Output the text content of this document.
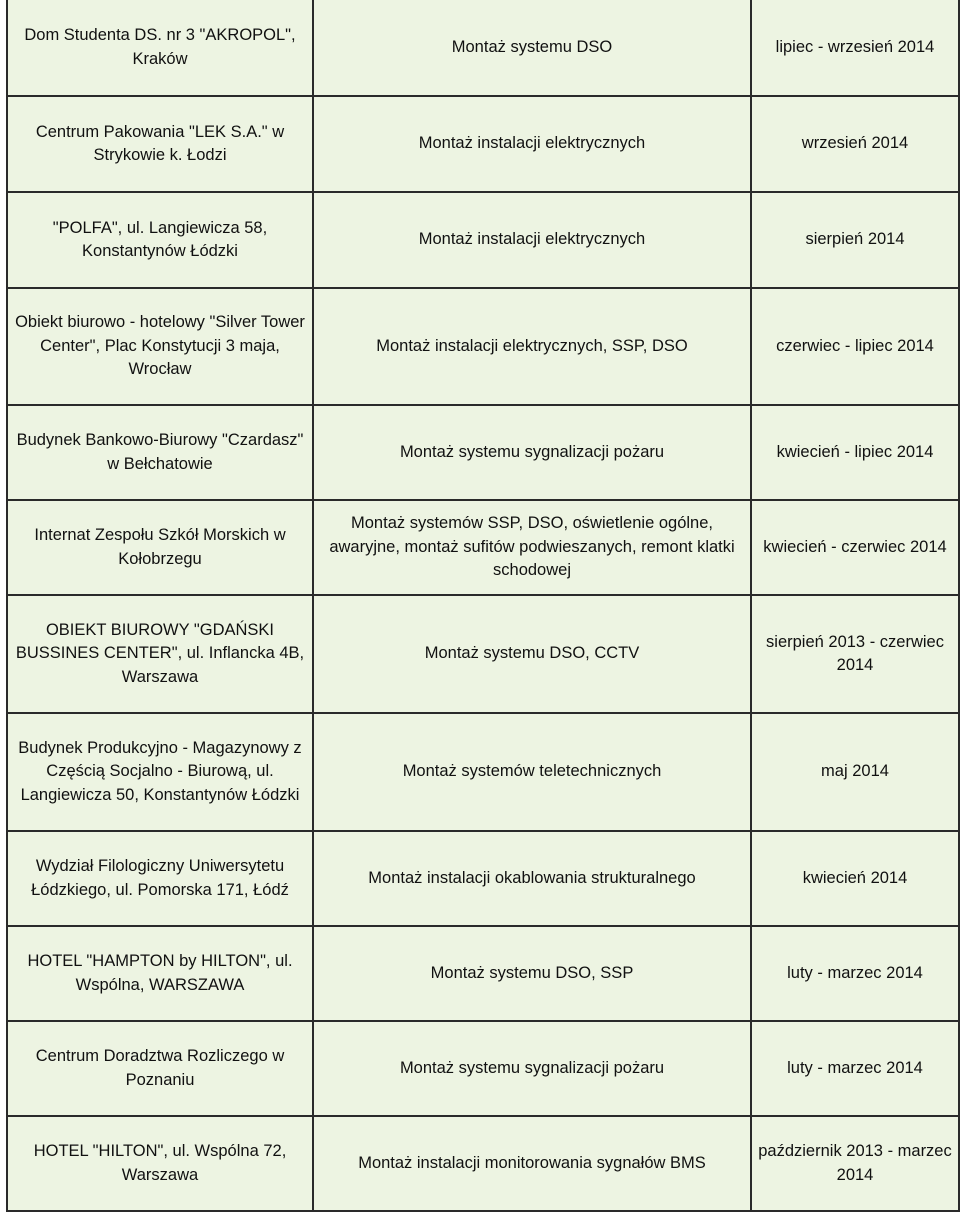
Dom Studenta DS. nr 3 "AKROPOL", Kraków	Montaż systemu DSO	lipiec - wrzesień 2014
Centrum Pakowania "LEK S.A." w Strykowie k. Łodzi	Montaż instalacji elektrycznych	wrzesień 2014
"POLFA", ul. Langiewicza 58, Konstantynów Łódzki	Montaż instalacji elektrycznych	sierpień 2014
Obiekt biurowo - hotelowy "Silver Tower Center", Plac Konstytucji 3 maja, Wrocław	Montaż instalacji elektrycznych, SSP, DSO	czerwiec - lipiec 2014
Budynek Bankowo-Biurowy "Czardasz" w Bełchatowie	Montaż systemu sygnalizacji pożaru	kwiecień - lipiec 2014
Internat Zespołu Szkół Morskich w Kołobrzegu	Montaż systemów SSP, DSO, oświetlenie ogólne, awaryjne, montaż sufitów podwieszanych, remont klatki schodowej	kwiecień - czerwiec 2014
OBIEKT BIUROWY "GDAŃSKI BUSSINES CENTER", ul. Inflancka 4B, Warszawa	Montaż systemu DSO, CCTV	sierpień 2013 - czerwiec 2014
Budynek Produkcyjno - Magazynowy z Częścią Socjalno - Biurową, ul. Langiewicza 50, Konstantynów Łódzki	Montaż systemów teletechnicznych	maj 2014
Wydział Filologiczny Uniwersytetu Łódzkiego, ul. Pomorska 171, Łódź	Montaż instalacji okablowania strukturalnego	kwiecień 2014
HOTEL "HAMPTON by HILTON", ul. Wspólna, WARSZAWA	Montaż systemu DSO, SSP	luty - marzec 2014
Centrum Doradztwa Rozliczego w Poznaniu	Montaż systemu sygnalizacji pożaru	luty - marzec 2014
HOTEL "HILTON", ul. Wspólna 72, Warszawa	Montaż instalacji monitorowania sygnałów BMS	październik 2013 - marzec 2014
